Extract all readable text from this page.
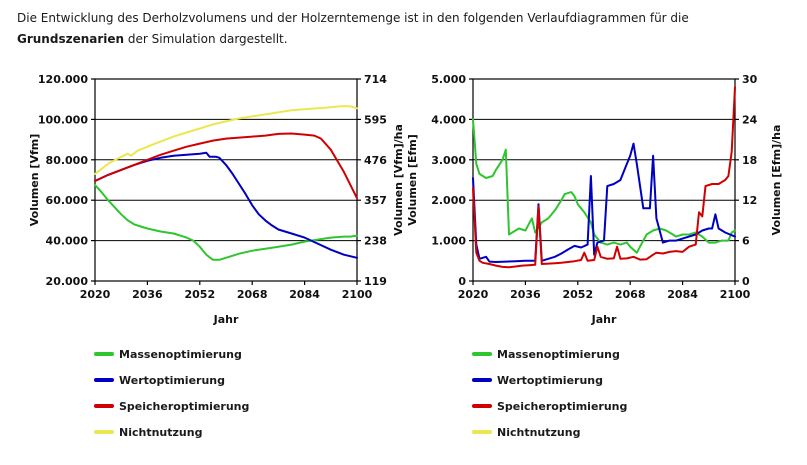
Die Entwicklung des Derholzvolumens und der Holzerntemenge ist in den folgenden Verlaufdiagrammen für die
Grundszenarien der Simulation dargestellt.

120.000	714
100.000	595
80.000	476
60.000	357
40.000	238
20.000	119
2020 2036 2052 2068 2084 2100
Volumen [Vfm]	Volumen [Vfm]/ha
Jahr
Massenoptimierung
Wertoptimierung
Speicheroptimierung
Nichtnutzung
5.000	30
4.000	24
3.000	18
2.000	12
1.000	6
0	0
2020 2036 2052 2068 2084 2100
Volumen [Efm]	Volumen [Efm]/ha
Jahr
Massenoptimierung
Wertoptimierung
Speicheroptimierung
Nichtnutzung
